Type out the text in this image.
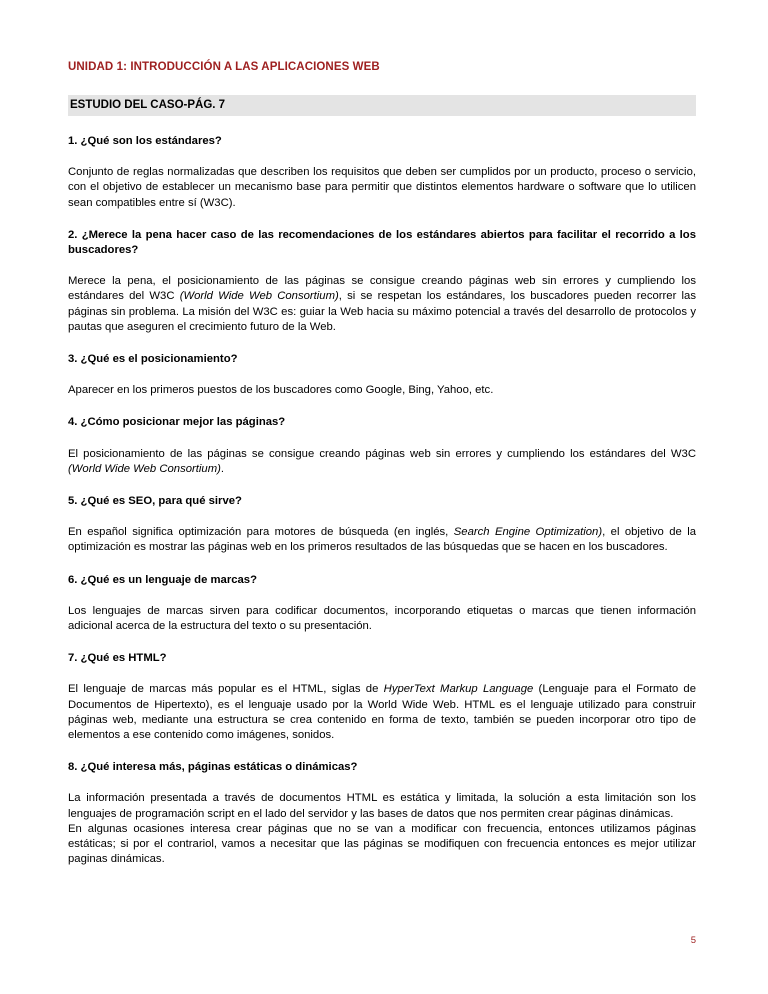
UNIDAD 1: INTRODUCCIÓN A LAS APLICACIONES WEB
ESTUDIO DEL CASO-PÁG. 7

1. ¿Qué son los estándares?

Conjunto de reglas normalizadas que describen los requisitos que deben ser cumplidos por un producto, proceso o servicio, con el objetivo de establecer un mecanismo base para permitir que distintos elementos hardware o software que lo utilicen sean compatibles entre sí (W3C).

2. ¿Merece la pena hacer caso de las recomendaciones de los estándares abiertos para facilitar el recorrido a los buscadores?

Merece la pena, el posicionamiento de las páginas se consigue creando páginas web sin errores y cumpliendo los estándares del W3C (World Wide Web Consortium), si se respetan los estándares, los buscadores pueden recorrer las páginas sin problema. La misión del W3C es: guiar la Web hacia su máximo potencial a través del desarrollo de protocolos y pautas que aseguren el crecimiento futuro de la Web.

3. ¿Qué es el posicionamiento?

Aparecer en los primeros puestos de los buscadores como Google, Bing, Yahoo, etc.

4. ¿Cómo posicionar mejor las páginas?

El posicionamiento de las páginas se consigue creando páginas web sin errores y cumpliendo los estándares del W3C (World Wide Web Consortium).

5. ¿Qué es SEO, para qué sirve?

En español significa optimización para motores de búsqueda (en inglés, Search Engine Optimization), el objetivo de la optimización es mostrar las páginas web en los primeros resultados de las búsquedas que se hacen en los buscadores.

6. ¿Qué es un lenguaje de marcas?

Los lenguajes de marcas sirven para codificar documentos, incorporando etiquetas o marcas que tienen información adicional acerca de la estructura del texto o su presentación.

7. ¿Qué es HTML?

El lenguaje de marcas más popular es el HTML, siglas de HyperText Markup Language (Lenguaje para el Formato de Documentos de Hipertexto), es el lenguaje usado por la World Wide Web. HTML es el lenguaje utilizado para construir páginas web, mediante una estructura se crea contenido en forma de texto, también se pueden incorporar otro tipo de elementos a ese contenido como imágenes, sonidos.

8. ¿Qué interesa más, páginas estáticas o dinámicas?

La información presentada a través de documentos HTML es estática y limitada, la solución a esta limitación son los lenguajes de programación script en el lado del servidor y las bases de datos que nos permiten crear páginas dinámicas.
En algunas ocasiones interesa crear páginas que no se van a modificar con frecuencia, entonces utilizamos páginas estáticas; si por el contrariol, vamos a necesitar que las páginas se modifiquen con frecuencia entonces es mejor utilizar paginas dinámicas.

5
